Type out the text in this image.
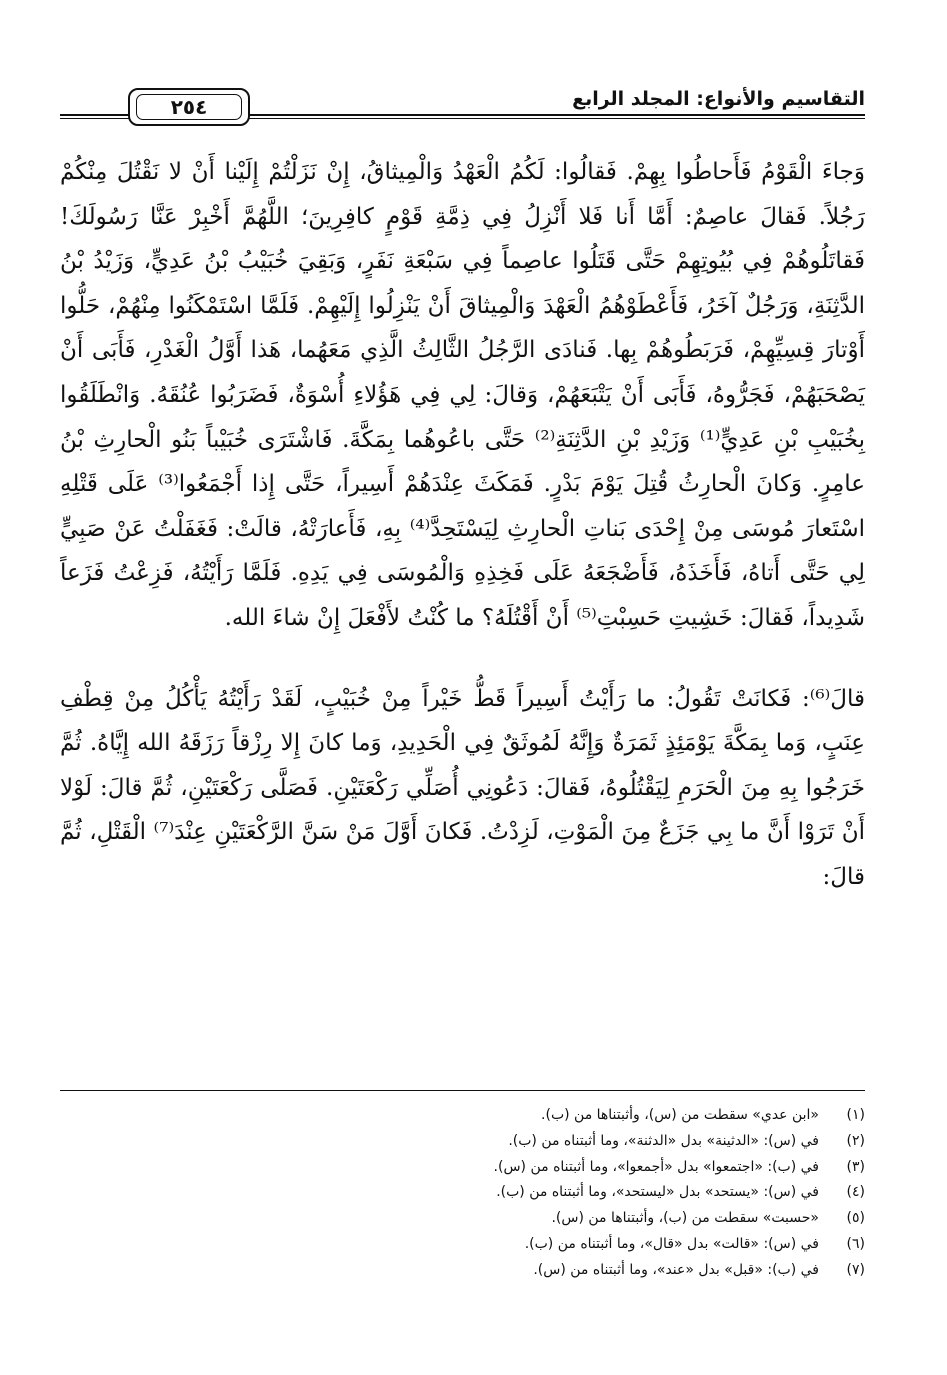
التقاسيم والأنواع: المجلد الرابع
٢٥٤

وَجاءَ الْقَوْمُ فَأَحاطُوا بِهِمْ. فَقالُوا: لَكُمُ الْعَهْدُ وَالْمِيثاقُ، إِنْ نَزَلْتُمْ إِلَيْنا أَنْ لا نَقْتُلَ مِنْكُمْ رَجُلاً. فَقالَ عاصِمٌ: أَمَّا أَنا فَلا أَنْزِلُ فِي ذِمَّةِ قَوْمٍ كافِرِينَ؛ اللَّهُمَّ أَخْبِرْ عَنَّا رَسُولَكَ! فَقاتَلُوهُمْ فِي بُيُوتِهِمْ حَتَّى قَتَلُوا عاصِماً فِي سَبْعَةِ نَفَرٍ، وَبَقِيَ خُبَيْبُ بْنُ عَدِيٍّ، وَزَيْدُ بْنُ الدَّثِنَةِ، وَرَجُلٌ آخَرُ، فَأَعْطَوْهُمُ الْعَهْدَ وَالْمِيثاقَ أَنْ يَنْزِلُوا إِلَيْهِمْ. فَلَمَّا اسْتَمْكَنُوا مِنْهُمْ، حَلُّوا أَوْتارَ قِسِيِّهِمْ، فَرَبَطُوهُمْ بِها. فَنادَى الرَّجُلُ الثَّالِثُ الَّذِي مَعَهُما، هَذا أَوَّلُ الْغَدْرِ، فَأَبَى أَنْ يَصْحَبَهُمْ، فَجَرُّوهُ، فَأَبَى أَنْ يَتْبَعَهُمْ، وَقالَ: لِي فِي هَؤُلاءِ أُسْوَةٌ، فَضَرَبُوا عُنُقَهُ. وَانْطَلَقُوا بِخُبَيْبِ بْنِ عَدِيٍّ⁽¹⁾ وَزَيْدِ بْنِ الدَّثِنَةِ⁽²⁾ حَتَّى باعُوهُما بِمَكَّةَ. فَاشْتَرَى خُبَيْباً بَنُو الْحارِثِ بْنُ عامِرٍ. وَكانَ الْحارِثُ قُتِلَ يَوْمَ بَدْرٍ. فَمَكَثَ عِنْدَهُمْ أَسِيراً، حَتَّى إِذا أَجْمَعُوا⁽³⁾ عَلَى قَتْلِهِ اسْتَعارَ مُوسَى مِنْ إِحْدَى بَناتِ الْحارِثِ لِيَسْتَحِدَّ⁽⁴⁾ بِهِ، فَأَعارَتْهُ، قالَتْ: فَغَفَلْتُ عَنْ صَبِيٍّ لِي حَتَّى أَتاهُ، فَأَخَذَهُ، فَأَضْجَعَهُ عَلَى فَخِذِهِ وَالْمُوسَى فِي يَدِهِ. فَلَمَّا رَأَيْتُهُ، فَزِعْتُ فَزَعاً شَدِيداً، فَقالَ: خَشِيتِ حَسِبْتِ⁽⁵⁾ أَنْ أَقْتُلَهُ؟ ما كُنْتُ لأَفْعَلَ إِنْ شاءَ الله.

قالَ⁽⁶⁾: فَكانَتْ تَقُولُ: ما رَأَيْتُ أَسِيراً قَطُّ خَيْراً مِنْ خُبَيْبٍ، لَقَدْ رَأَيْتُهُ يَأْكُلُ مِنْ قِطْفِ عِنَبٍ، وَما بِمَكَّةَ يَوْمَئِذٍ ثَمَرَةٌ وَإِنَّهُ لَمُوثَقٌ فِي الْحَدِيدِ، وَما كانَ إِلا رِزْقاً رَزَقَهُ الله إِيَّاهُ. ثُمَّ خَرَجُوا بِهِ مِنَ الْحَرَمِ لِيَقْتُلُوهُ، فَقالَ: دَعُونِي أُصَلِّي رَكْعَتَيْنِ. فَصَلَّى رَكْعَتَيْنِ، ثُمَّ قالَ: لَوْلا أَنْ تَرَوْا أَنَّ ما بِي جَزَعٌ مِنَ الْمَوْتِ، لَزِدْتُ. فَكانَ أَوَّلَ مَنْ سَنَّ الرَّكْعَتَيْنِ عِنْدَ⁽⁷⁾ الْقَتْلِ، ثُمَّ قالَ:

(١)
«ابن عدي» سقطت من (س)، وأثبتناها من (ب).
(٢)
في (س): «الدثينة» بدل «الدثنة»، وما أثبتناه من (ب).
(٣)
في (ب): «اجتمعوا» بدل «أجمعوا»، وما أثبتناه من (س).
(٤)
في (س): «يستحد» بدل «ليستحد»، وما أثبتناه من (ب).
(٥)
«حسبت» سقطت من (ب)، وأثبتناها من (س).
(٦)
في (س): «قالت» بدل «قال»، وما أثبتناه من (ب).
(٧)
في (ب): «قبل» بدل «عند»، وما أثبتناه من (س).
